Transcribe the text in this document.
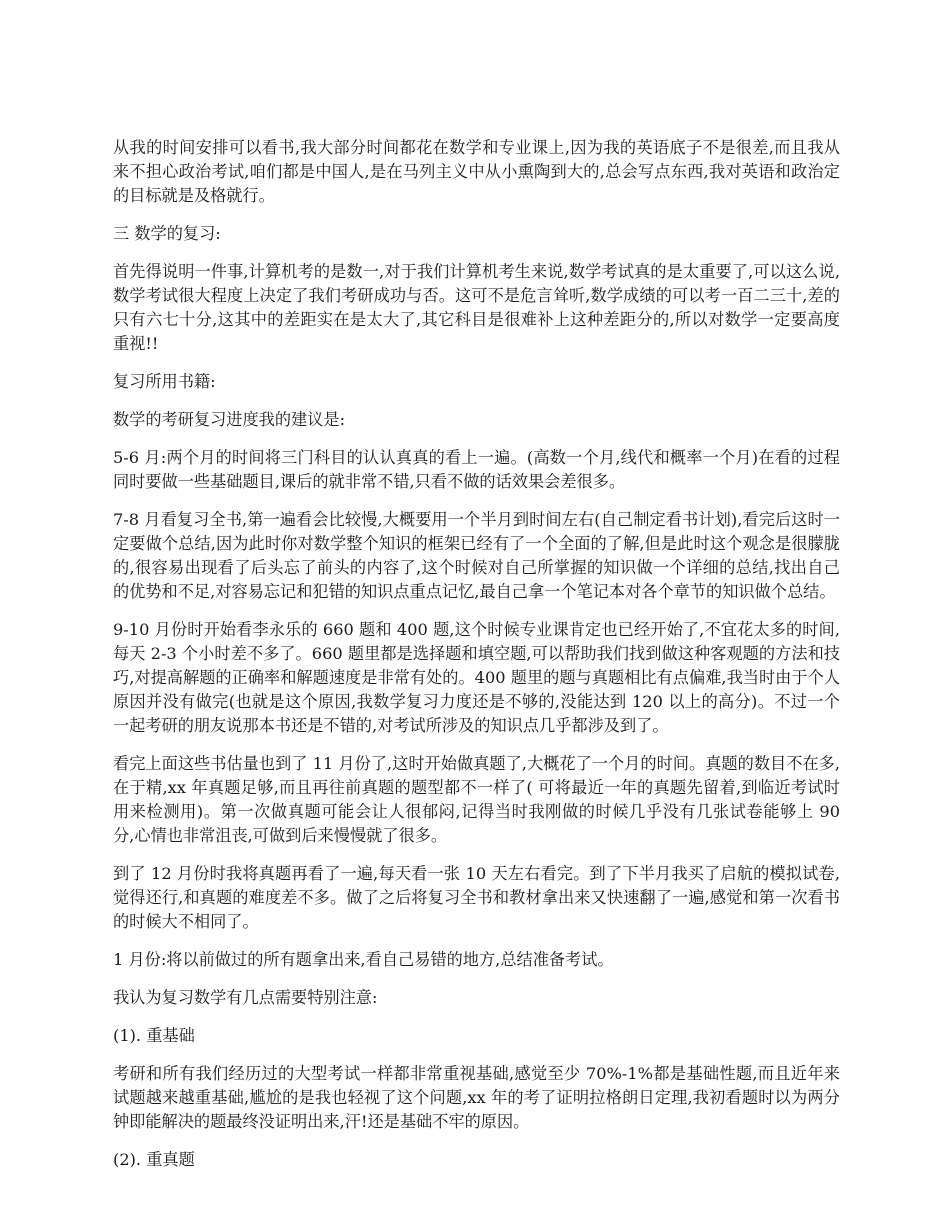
从我的时间安排可以看书,我大部分时间都花在数学和专业课上,因为我的英语底子不是很差,而且我从来不担心政治考试,咱们都是中国人,是在马列主义中从小熏陶到大的,总会写点东西,我对英语和政治定的目标就是及格就行。

三 数学的复习:

首先得说明一件事,计算机考的是数一,对于我们计算机考生来说,数学考试真的是太重要了,可以这么说,数学考试很大程度上决定了我们考研成功与否。这可不是危言耸听,数学成绩的可以考一百二三十,差的只有六七十分,这其中的差距实在是太大了,其它科目是很难补上这种差距分的,所以对数学一定要高度重视!!

复习所用书籍:

数学的考研复习进度我的建议是:

5-6 月:两个月的时间将三门科目的认认真真的看上一遍。(高数一个月,线代和概率一个月)在看的过程同时要做一些基础题目,课后的就非常不错,只看不做的话效果会差很多。

7-8 月看复习全书,第一遍看会比较慢,大概要用一个半月到时间左右(自己制定看书计划),看完后这时一定要做个总结,因为此时你对数学整个知识的框架已经有了一个全面的了解,但是此时这个观念是很朦胧的,很容易出现看了后头忘了前头的内容了,这个时候对自己所掌握的知识做一个详细的总结,找出自己的优势和不足,对容易忘记和犯错的知识点重点记忆,最自己拿一个笔记本对各个章节的知识做个总结。

9-10 月份时开始看李永乐的 660 题和 400 题,这个时候专业课肯定也已经开始了,不宜花太多的时间,每天 2-3 个小时差不多了。660 题里都是选择题和填空题,可以帮助我们找到做这种客观题的方法和技巧,对提高解题的正确率和解题速度是非常有处的。400 题里的题与真题相比有点偏难,我当时由于个人原因并没有做完(也就是这个原因,我数学复习力度还是不够的,没能达到 120 以上的高分)。不过一个一起考研的朋友说那本书还是不错的,对考试所涉及的知识点几乎都涉及到了。

看完上面这些书估量也到了 11 月份了,这时开始做真题了,大概花了一个月的时间。真题的数目不在多,在于精,xx 年真题足够,而且再往前真题的题型都不一样了( 可将最近一年的真题先留着,到临近考试时用来检测用)。第一次做真题可能会让人很郁闷,记得当时我刚做的时候几乎没有几张试卷能够上 90 分,心情也非常沮丧,可做到后来慢慢就了很多。

到了 12 月份时我将真题再看了一遍,每天看一张 10 天左右看完。到了下半月我买了启航的模拟试卷,觉得还行,和真题的难度差不多。做了之后将复习全书和教材拿出来又快速翻了一遍,感觉和第一次看书的时候大不相同了。

1 月份:将以前做过的所有题拿出来,看自己易错的地方,总结准备考试。

我认为复习数学有几点需要特别注意:

(1). 重基础

考研和所有我们经历过的大型考试一样都非常重视基础,感觉至少 70%-1%都是基础性题,而且近年来试题越来越重基础,尴尬的是我也轻视了这个问题,xx 年的考了证明拉格朗日定理,我初看题时以为两分钟即能解决的题最终没证明出来,汗!还是基础不牢的原因。

(2). 重真题
